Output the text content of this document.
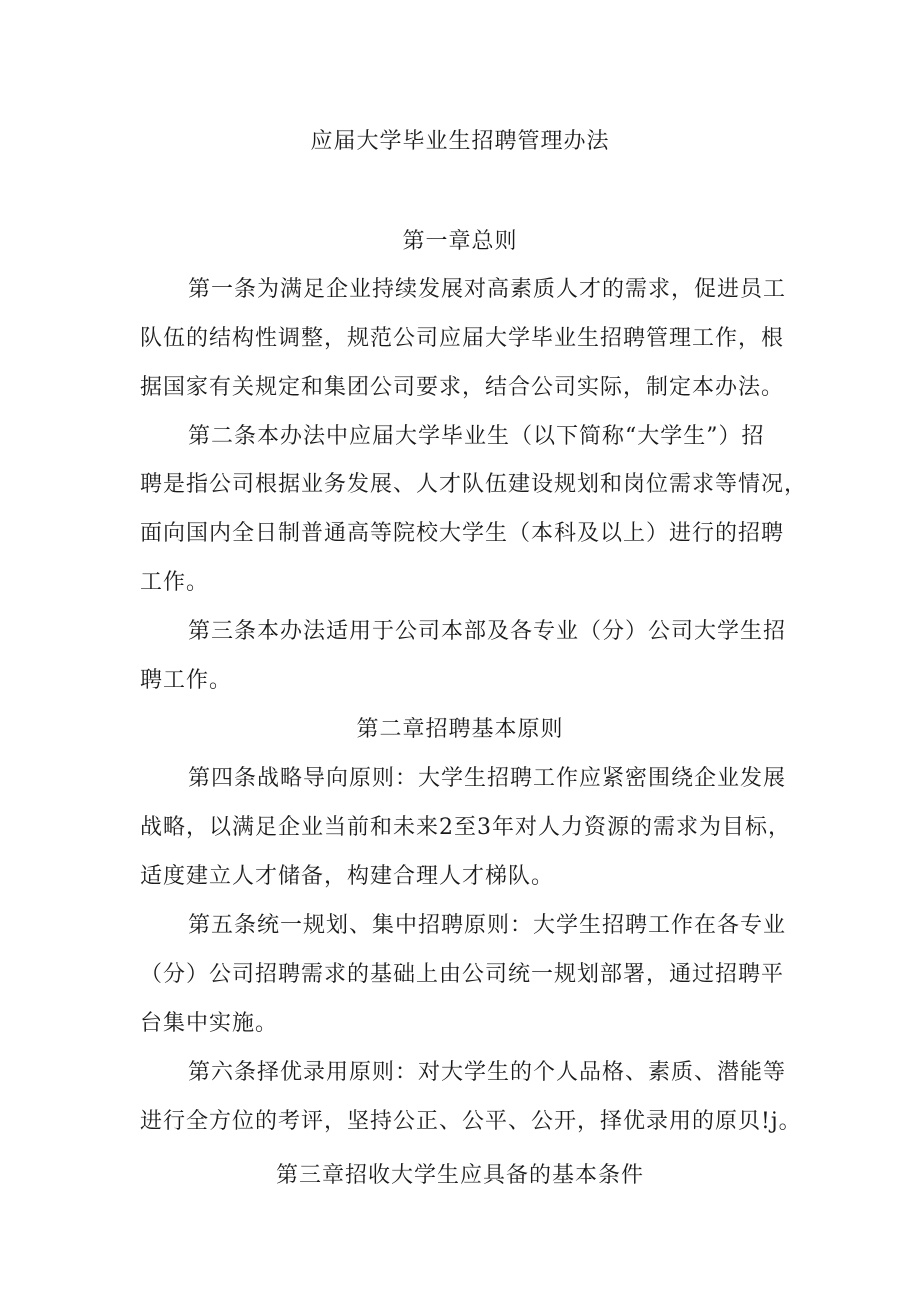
应届大学毕业生招聘管理办法
第一章总则
第一条为满足企业持续发展对高素质人才的需求，促进员工
队伍的结构性调整，规范公司应届大学毕业生招聘管理工作，根
据国家有关规定和集团公司要求，结合公司实际，制定本办法。
第二条本办法中应届大学毕业生（以下简称“大学生”）招
聘是指公司根据业务发展、人才队伍建设规划和岗位需求等情况，
面向国内全日制普通高等院校大学生（本科及以上）进行的招聘
工作。
第三条本办法适用于公司本部及各专业（分）公司大学生招
聘工作。
第二章招聘基本原则
第四条战略导向原则：大学生招聘工作应紧密围绕企业发展
战略，以满足企业当前和未来2至3年对人力资源的需求为目标，
适度建立人才储备，构建合理人才梯队。
第五条统一规划、集中招聘原则：大学生招聘工作在各专业
（分）公司招聘需求的基础上由公司统一规划部署，通过招聘平
台集中实施。
第六条择优录用原则：对大学生的个人品格、素质、潜能等
进行全方位的考评，坚持公正、公平、公开，择优录用的原贝!j。
第三章招收大学生应具备的基本条件
